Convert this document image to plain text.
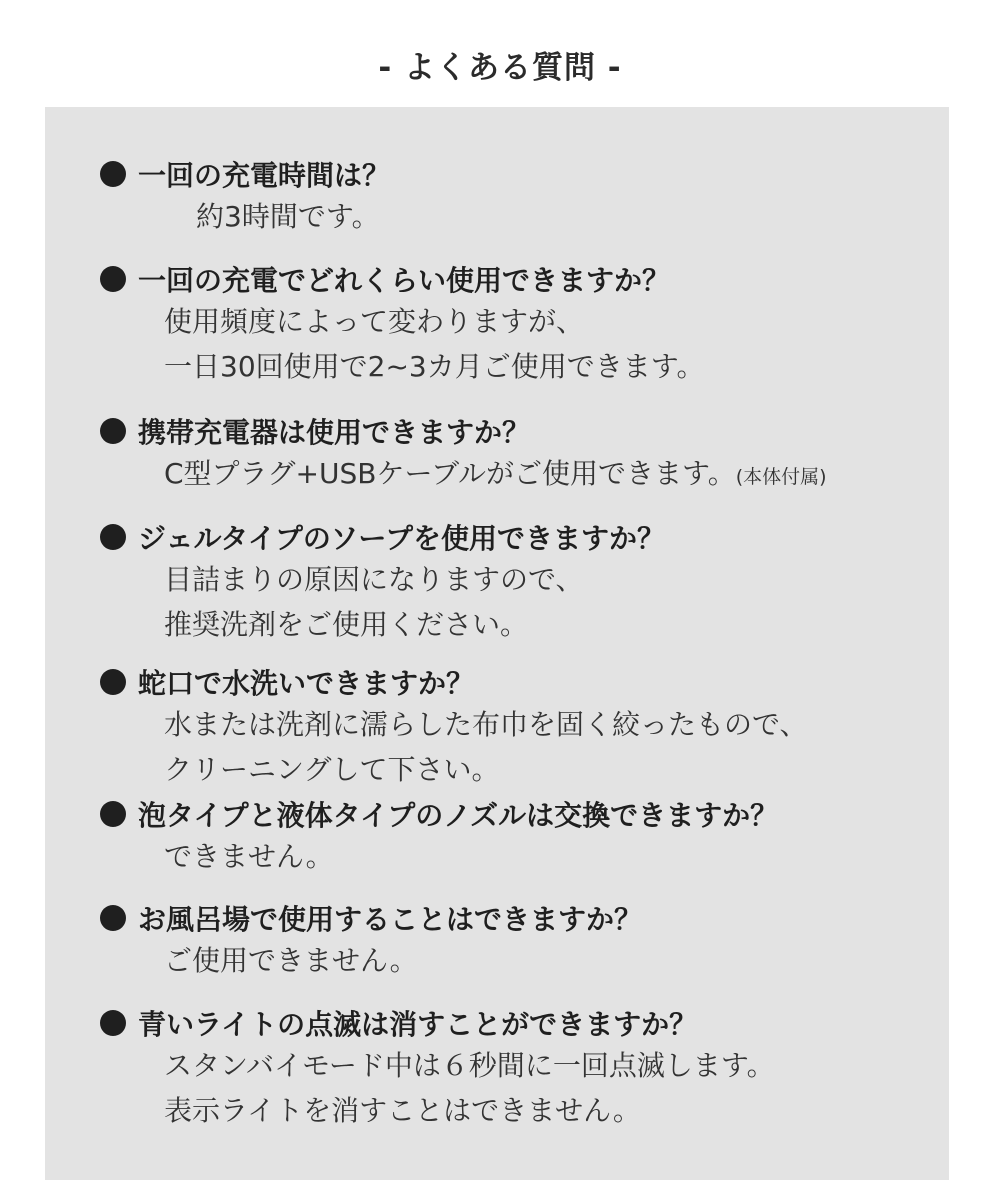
- よくある質問 -
一回の充電時間は？
約3時間です。
一回の充電でどれくらい使用できますか？
使用頻度によって変わりますが、
一日30回使用で2~3カ月ご使用できます。
携帯充電器は使用できますか？
C型プラグ+USBケーブルがご使用できます。(本体付属)
ジェルタイプのソープを使用できますか？
目詰まりの原因になりますので、
推奨洗剤をご使用ください。
蛇口で水洗いできますか？
水または洗剤に濡らした布巾を固く絞ったもので、
クリーニングして下さい。
泡タイプと液体タイプのノズルは交換できますか？
できません。
お風呂場で使用することはできますか？
ご使用できません。
青いライトの点滅は消すことができますか？
スタンバイモード中は６秒間に一回点滅します。
表示ライトを消すことはできません。
